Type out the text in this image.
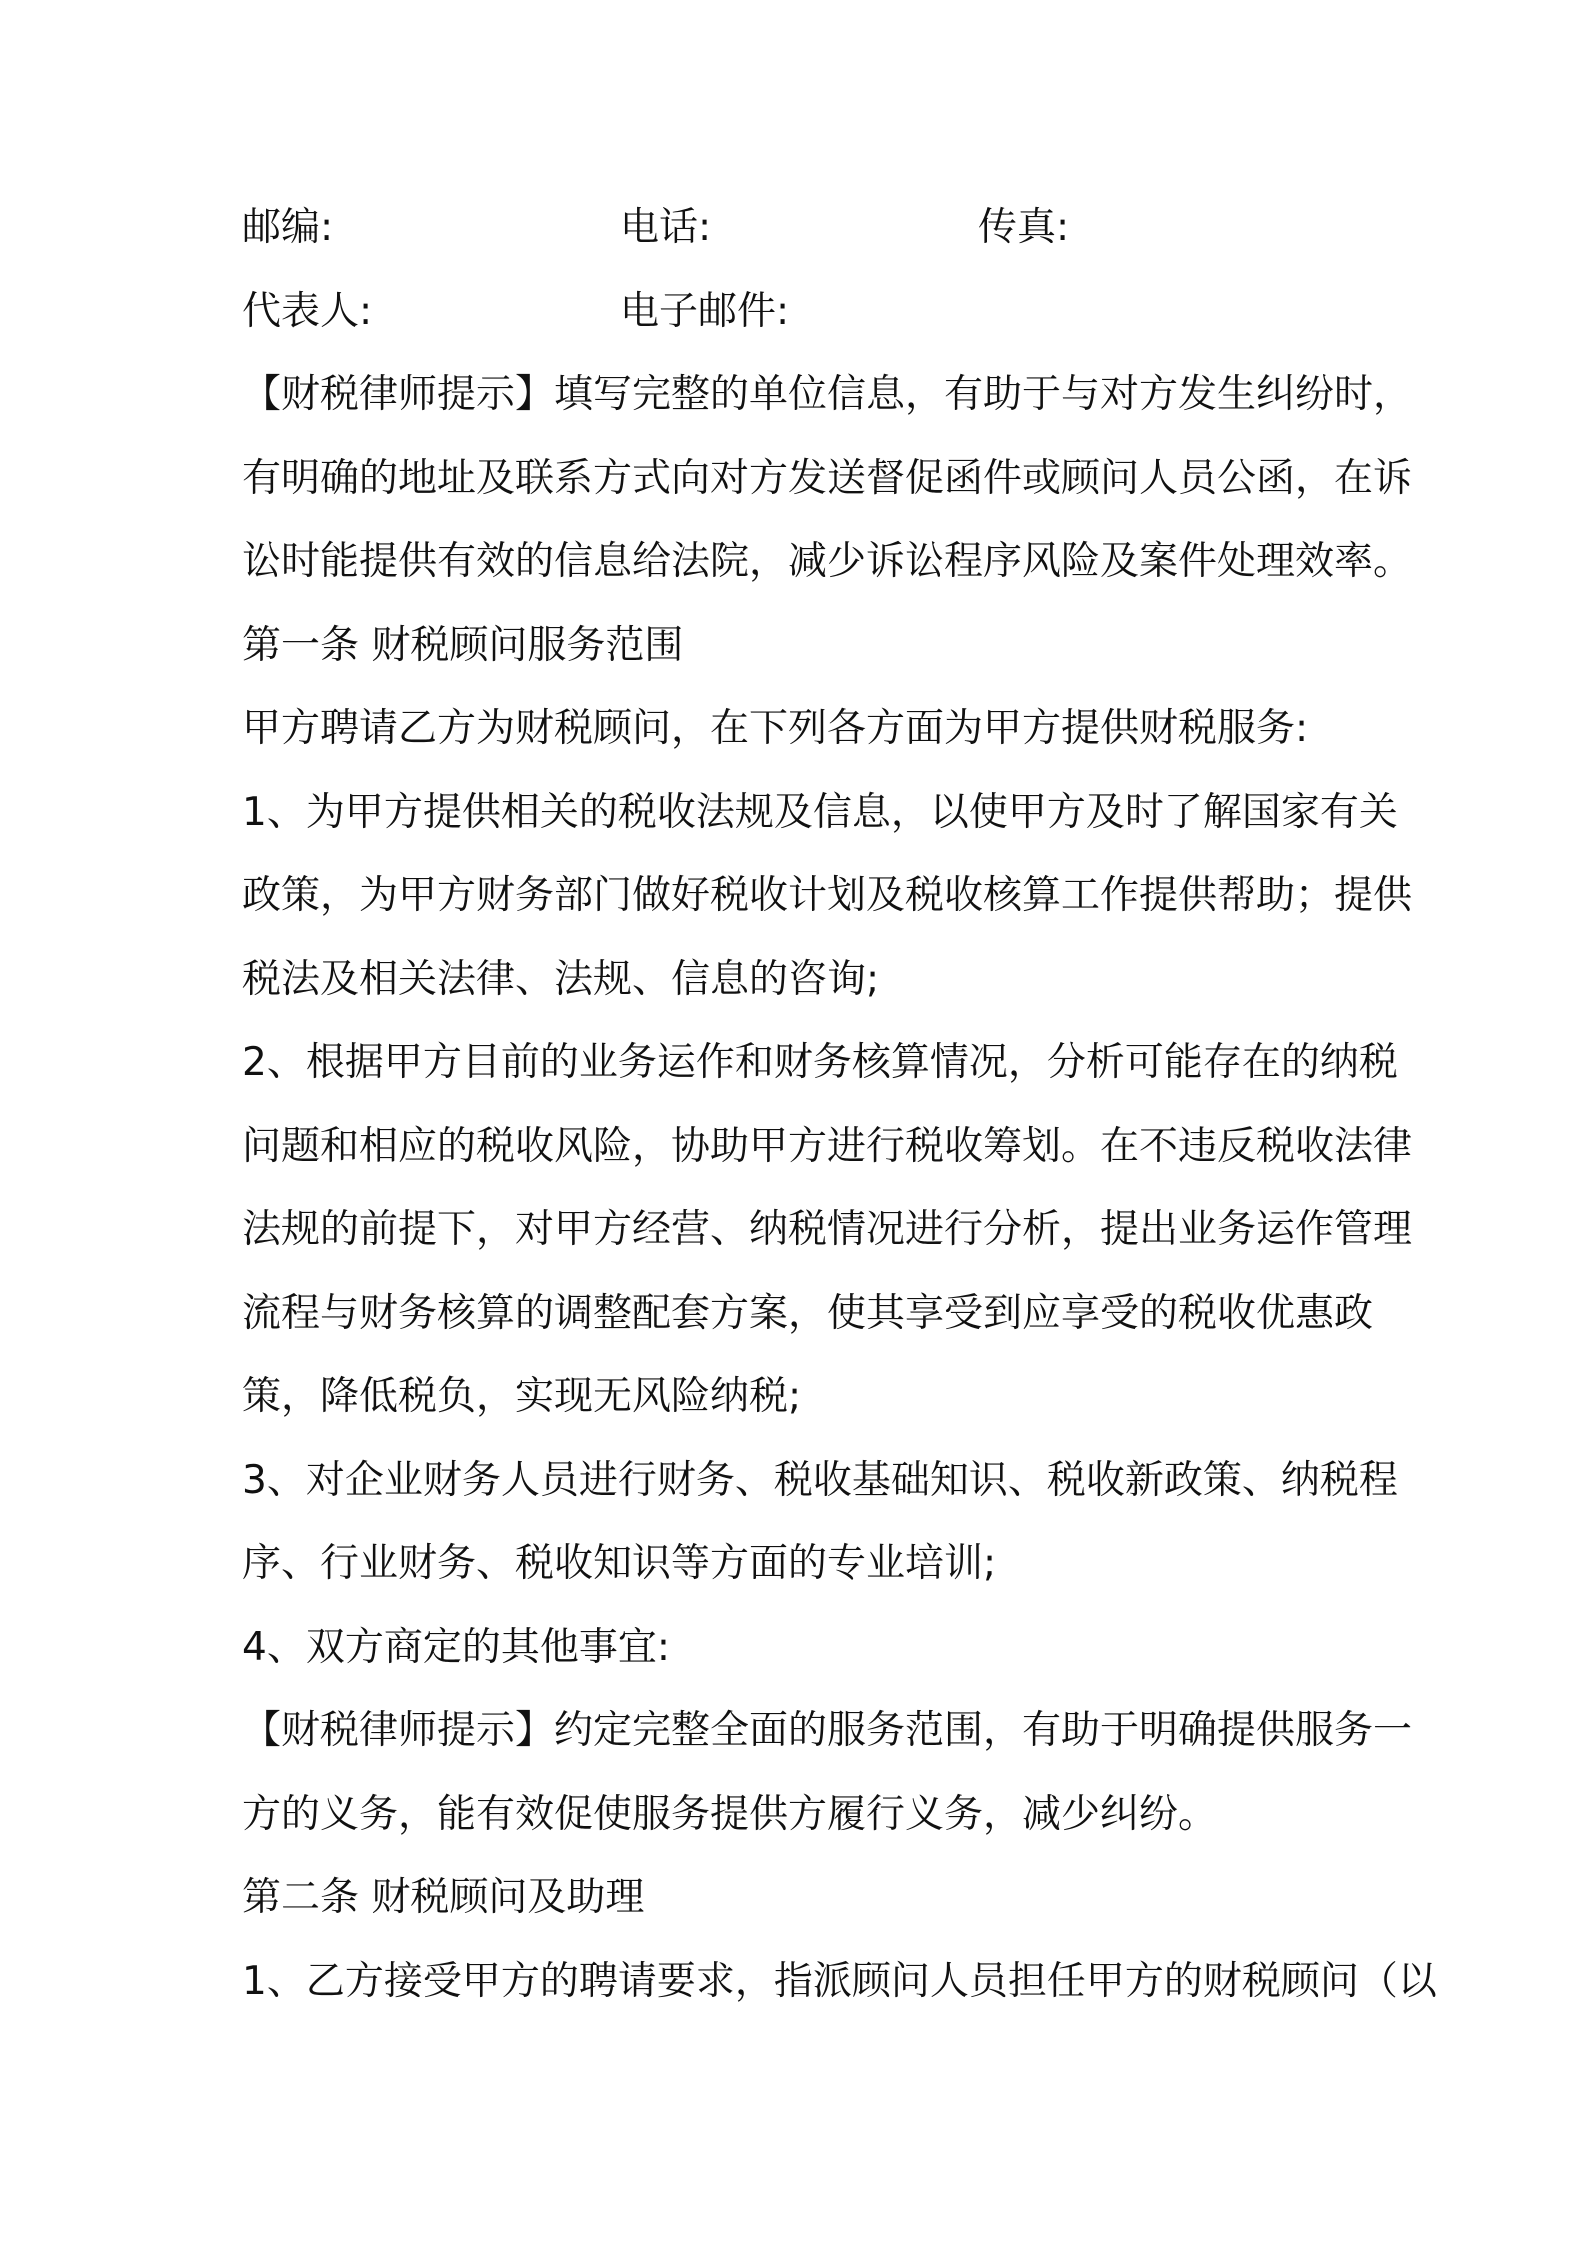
邮编:	电话:	传真:
代表人:	电子邮件:
【财税律师提示】填写完整的单位信息，有助于与对方发生纠纷时，
有明确的地址及联系方式向对方发送督促函件或顾问人员公函，在诉
讼时能提供有效的信息给法院，减少诉讼程序风险及案件处理效率。
第一条 财税顾问服务范围
甲方聘请乙方为财税顾问，在下列各方面为甲方提供财税服务:
1、为甲方提供相关的税收法规及信息，以使甲方及时了解国家有关
政策，为甲方财务部门做好税收计划及税收核算工作提供帮助；提供
税法及相关法律、法规、信息的咨询;
2、根据甲方目前的业务运作和财务核算情况，分析可能存在的纳税
问题和相应的税收风险，协助甲方进行税收筹划。在不违反税收法律
法规的前提下，对甲方经营、纳税情况进行分析，提出业务运作管理
流程与财务核算的调整配套方案，使其享受到应享受的税收优惠政
策，降低税负，实现无风险纳税;
3、对企业财务人员进行财务、税收基础知识、税收新政策、纳税程
序、行业财务、税收知识等方面的专业培训;
4、双方商定的其他事宜:
【财税律师提示】约定完整全面的服务范围，有助于明确提供服务一
方的义务，能有效促使服务提供方履行义务，减少纠纷。
第二条 财税顾问及助理
1、乙方接受甲方的聘请要求，指派顾问人员担任甲方的财税顾问（以
